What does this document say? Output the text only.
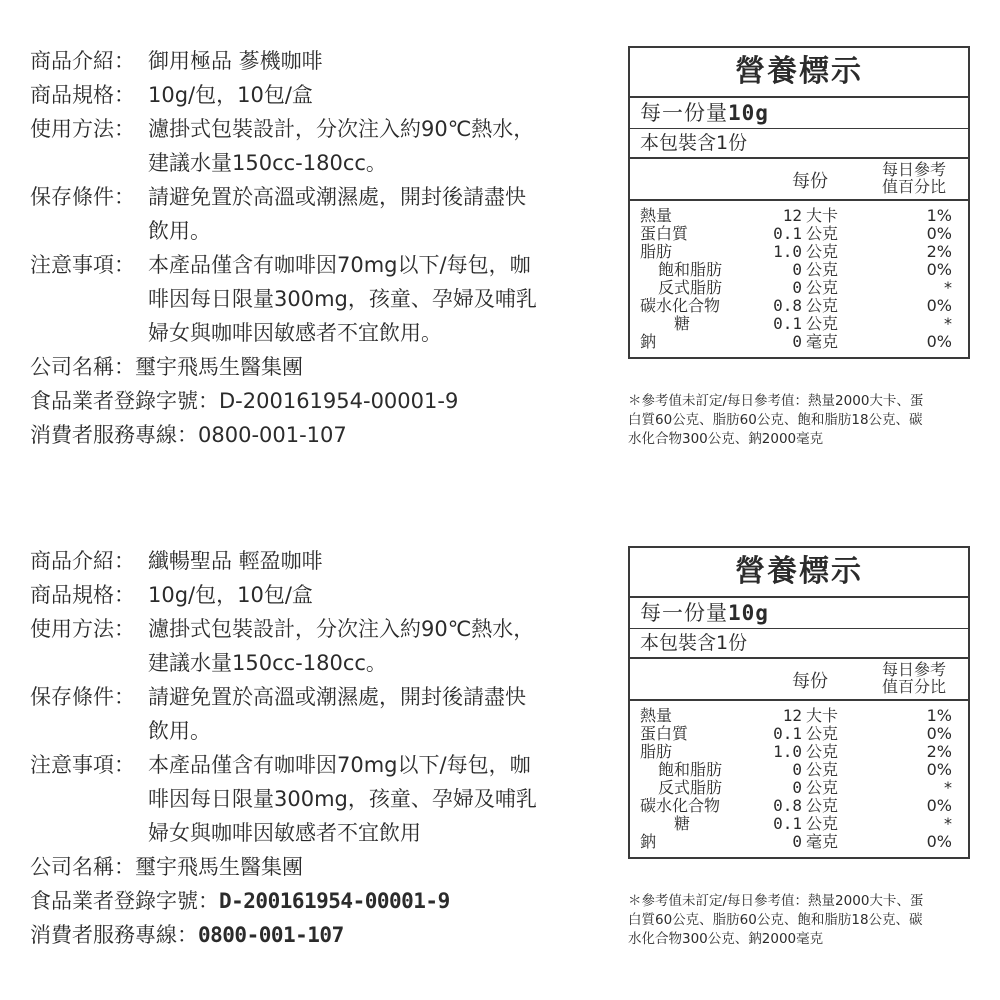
商品介紹： 御用極品 蔘機咖啡
商品規格： 10g/包，10包/盒
使用方法： 濾掛式包裝設計，分次注入約90℃熱水，
建議水量150cc-180cc。
保存條件： 請避免置於高溫或潮濕處，開封後請盡快
飲用。
注意事項： 本產品僅含有咖啡因70mg以下/每包，咖
啡因每日限量300mg，孩童、孕婦及哺乳
婦女與咖啡因敏感者不宜飲用。
公司名稱：璽宇飛馬生醫集團
食品業者登錄字號：D-200161954-00001-9
消費者服務專線：0800-001-107
營養標示
每一份量10g
本包裝含1份
每份
每日參考
值百分比
熱量	12 大卡	1%
蛋白質	0.1 公克	0%
脂肪	1.0 公克	2%
飽和脂肪	0 公克	0%
反式脂肪	0 公克	*
碳水化合物	0.8 公克	0%
糖	0.1 公克	*
鈉	0 毫克	0%
＊參考值未訂定/每日參考值：熱量2000大卡、蛋
白質60公克、脂肪60公克、飽和脂肪18公克、碳
水化合物300公克、鈉2000毫克
商品介紹： 纖暢聖品 輕盈咖啡
商品規格： 10g/包，10包/盒
使用方法： 濾掛式包裝設計，分次注入約90℃熱水，
建議水量150cc-180cc。
保存條件： 請避免置於高溫或潮濕處，開封後請盡快
飲用。
注意事項： 本產品僅含有咖啡因70mg以下/每包，咖
啡因每日限量300mg，孩童、孕婦及哺乳
婦女與咖啡因敏感者不宜飲用
公司名稱：璽宇飛馬生醫集團
食品業者登錄字號：D-200161954-00001-9
消費者服務專線：0800-001-107
營養標示
每一份量10g
本包裝含1份
每份
每日參考
值百分比
熱量	12 大卡	1%
蛋白質	0.1 公克	0%
脂肪	1.0 公克	2%
飽和脂肪	0 公克	0%
反式脂肪	0 公克	*
碳水化合物	0.8 公克	0%
糖	0.1 公克	*
鈉	0 毫克	0%
＊參考值未訂定/每日參考值：熱量2000大卡、蛋
白質60公克、脂肪60公克、飽和脂肪18公克、碳
水化合物300公克、鈉2000毫克
